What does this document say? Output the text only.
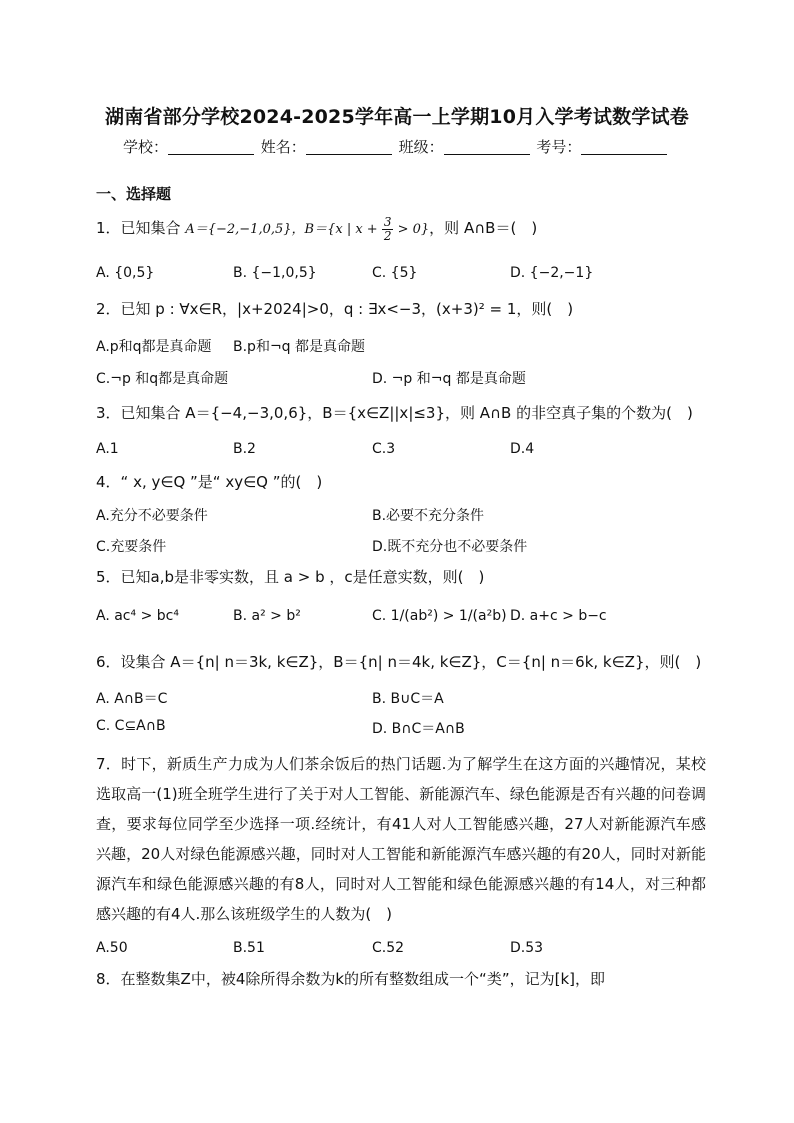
湖南省部分学校2024-2025学年高一上学期10月入学考试数学试卷
学校：	姓名：	班级：	考号：
一、选择题
1．已知集合 A＝{−2,−1,0,5}，B＝{x | $x + \frac{3}{2} > 0$}，则 A∩B＝(　)
A. {0,5}	B. {−1,0,5}	C. {5}	D. {−2,−1}
2．已知 p : ∀x∈R，|x+2024|>0，q : ∃x<−3，(x+3)² = 1，则(　)
A.p和q都是真命题 B.p和¬q 都是真命题
C.¬p 和q都是真命题	D. ¬p 和¬q 都是真命题
3．已知集合 A＝{−4,−3,0,6}，B＝{x∈Z||x|≤3}，则 A∩B 的非空真子集的个数为(　)
A.1	B.2	C.3	D.4
4．“ x, y∈Q ”是“ xy∈Q ”的(　)
A.充分不必要条件	B.必要不充分条件
C.充要条件	D.既不充分也不必要条件
5．已知a,b是非零实数，且 a > b ，c是任意实数，则(　)
A. ac⁴ > bc⁴	B. a² > b²	C. 1/(ab²) > 1/(a²b) D. a+c > b−c
6．设集合 A＝{n| n＝3k, k∈Z}，B＝{n| n＝4k, k∈Z}，C＝{n| n＝6k, k∈Z}，则(　)
A. A∩B＝C	B. B∪C＝A
C. C⊆A∩B	D. B∩C＝A∩B
7．时下，新质生产力成为人们茶余饭后的热门话题.为了解学生在这方面的兴趣情况，某校选取高一(1)班全班学生进行了关于对人工智能、新能源汽车、绿色能源是否有兴趣的问卷调查，要求每位同学至少选择一项.经统计，有41人对人工智能感兴趣，27人对新能源汽车感兴趣，20人对绿色能源感兴趣，同时对人工智能和新能源汽车感兴趣的有20人，同时对新能源汽车和绿色能源感兴趣的有8人，同时对人工智能和绿色能源感兴趣的有14人，对三种都感兴趣的有4人.那么该班级学生的人数为(　)
A.50	B.51	C.52	D.53
8．在整数集Z中，被4除所得余数为k的所有整数组成一个“类”，记为[k]，即
